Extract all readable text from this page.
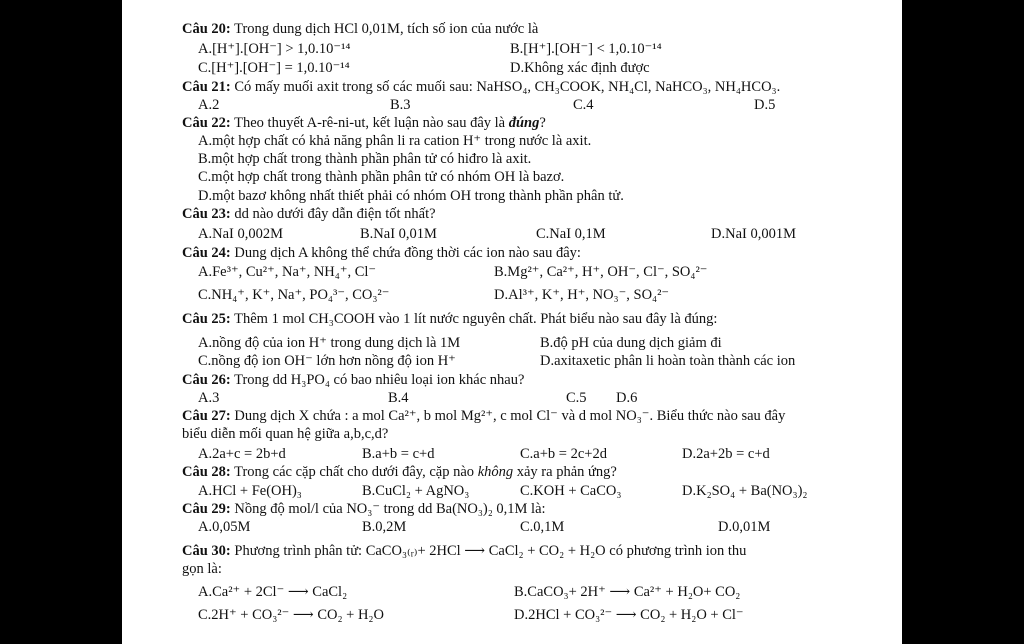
Câu 20: Trong dung dịch HCl 0,01M, tích số ion của nước là
A.[H⁺].[OH⁻] > 1,0.10⁻¹⁴	B.[H⁺].[OH⁻] < 1,0.10⁻¹⁴
C.[H⁺].[OH⁻] = 1,0.10⁻¹⁴	D.Không xác định được
Câu 21: Có mấy muối axit trong số các muối sau: NaHSO₄, CH₃COOK, NH₄Cl, NaHCO₃, NH₄HCO₃.
A.2	B.3	C.4	D.5
Câu 22: Theo thuyết A-rê-ni-ut, kết luận nào sau đây là đúng?
A.một hợp chất có khả năng phân li ra cation H⁺ trong nước là axit.
B.một hợp chất trong thành phần phân tử có hiđro là axit.
C.một hợp chất trong thành phần phân tử có nhóm OH là bazơ.
D.một bazơ không nhất thiết phải có nhóm OH trong thành phần phân tử.
Câu 23: dd nào dưới đây dẫn điện tốt nhất?
A.NaI 0,002M	B.NaI 0,01M	C.NaI 0,1M	D.NaI 0,001M
Câu 24: Dung dịch A không thể chứa đồng thời các ion nào sau đây:
A.Fe³⁺, Cu²⁺, Na⁺, NH₄⁺, Cl⁻	B.Mg²⁺, Ca²⁺, H⁺, OH⁻, Cl⁻, SO₄²⁻
C.NH₄⁺, K⁺, Na⁺, PO₄³⁻, CO₃²⁻	D.Al³⁺, K⁺, H⁺, NO₃⁻, SO₄²⁻
Câu 25: Thêm 1 mol CH₃COOH vào 1 lít nước nguyên chất. Phát biểu nào sau đây là đúng:
A.nồng độ của ion H⁺ trong dung dịch là 1M	B.độ pH của dung dịch giảm đi
C.nồng độ ion OH⁻ lớn hơn nồng độ ion H⁺	D.axitaxetic phân li hoàn toàn thành các ion
Câu 26: Trong dd H₃PO₄ có bao nhiêu loại ion khác nhau?
A.3	B.4	C.5 D.6
Câu 27: Dung dịch X chứa : a mol Ca²⁺, b mol Mg²⁺, c mol Cl⁻ và d mol NO₃⁻. Biểu thức nào sau đây
biểu diễn mối quan hệ giữa a,b,c,d?
A.2a+c = 2b+d	B.a+b = c+d	C.a+b = 2c+2d	D.2a+2b = c+d
Câu 28: Trong các cặp chất cho dưới đây, cặp nào không xảy ra phản ứng?
A.HCl + Fe(OH)₃	B.CuCl₂ + AgNO₃	C.KOH + CaCO₃	D.K₂SO₄ + Ba(NO₃)₂
Câu 29: Nồng độ mol/l của NO₃⁻ trong dd Ba(NO₃)₂ 0,1M là:
A.0,05M	B.0,2M	C.0,1M	D.0,01M
Câu 30: Phương trình phân tử: CaCO₃₍ᵣ₎+ 2HCl ⟶ CaCl₂ + CO₂ + H₂O có phương trình ion thu
gọn là:
A.Ca²⁺ + 2Cl⁻ ⟶ CaCl₂	B.CaCO₃+ 2H⁺ ⟶ Ca²⁺ + H₂O+ CO₂
C.2H⁺ + CO₃²⁻ ⟶ CO₂ + H₂O	D.2HCl + CO₃²⁻ ⟶ CO₂ + H₂O + Cl⁻
